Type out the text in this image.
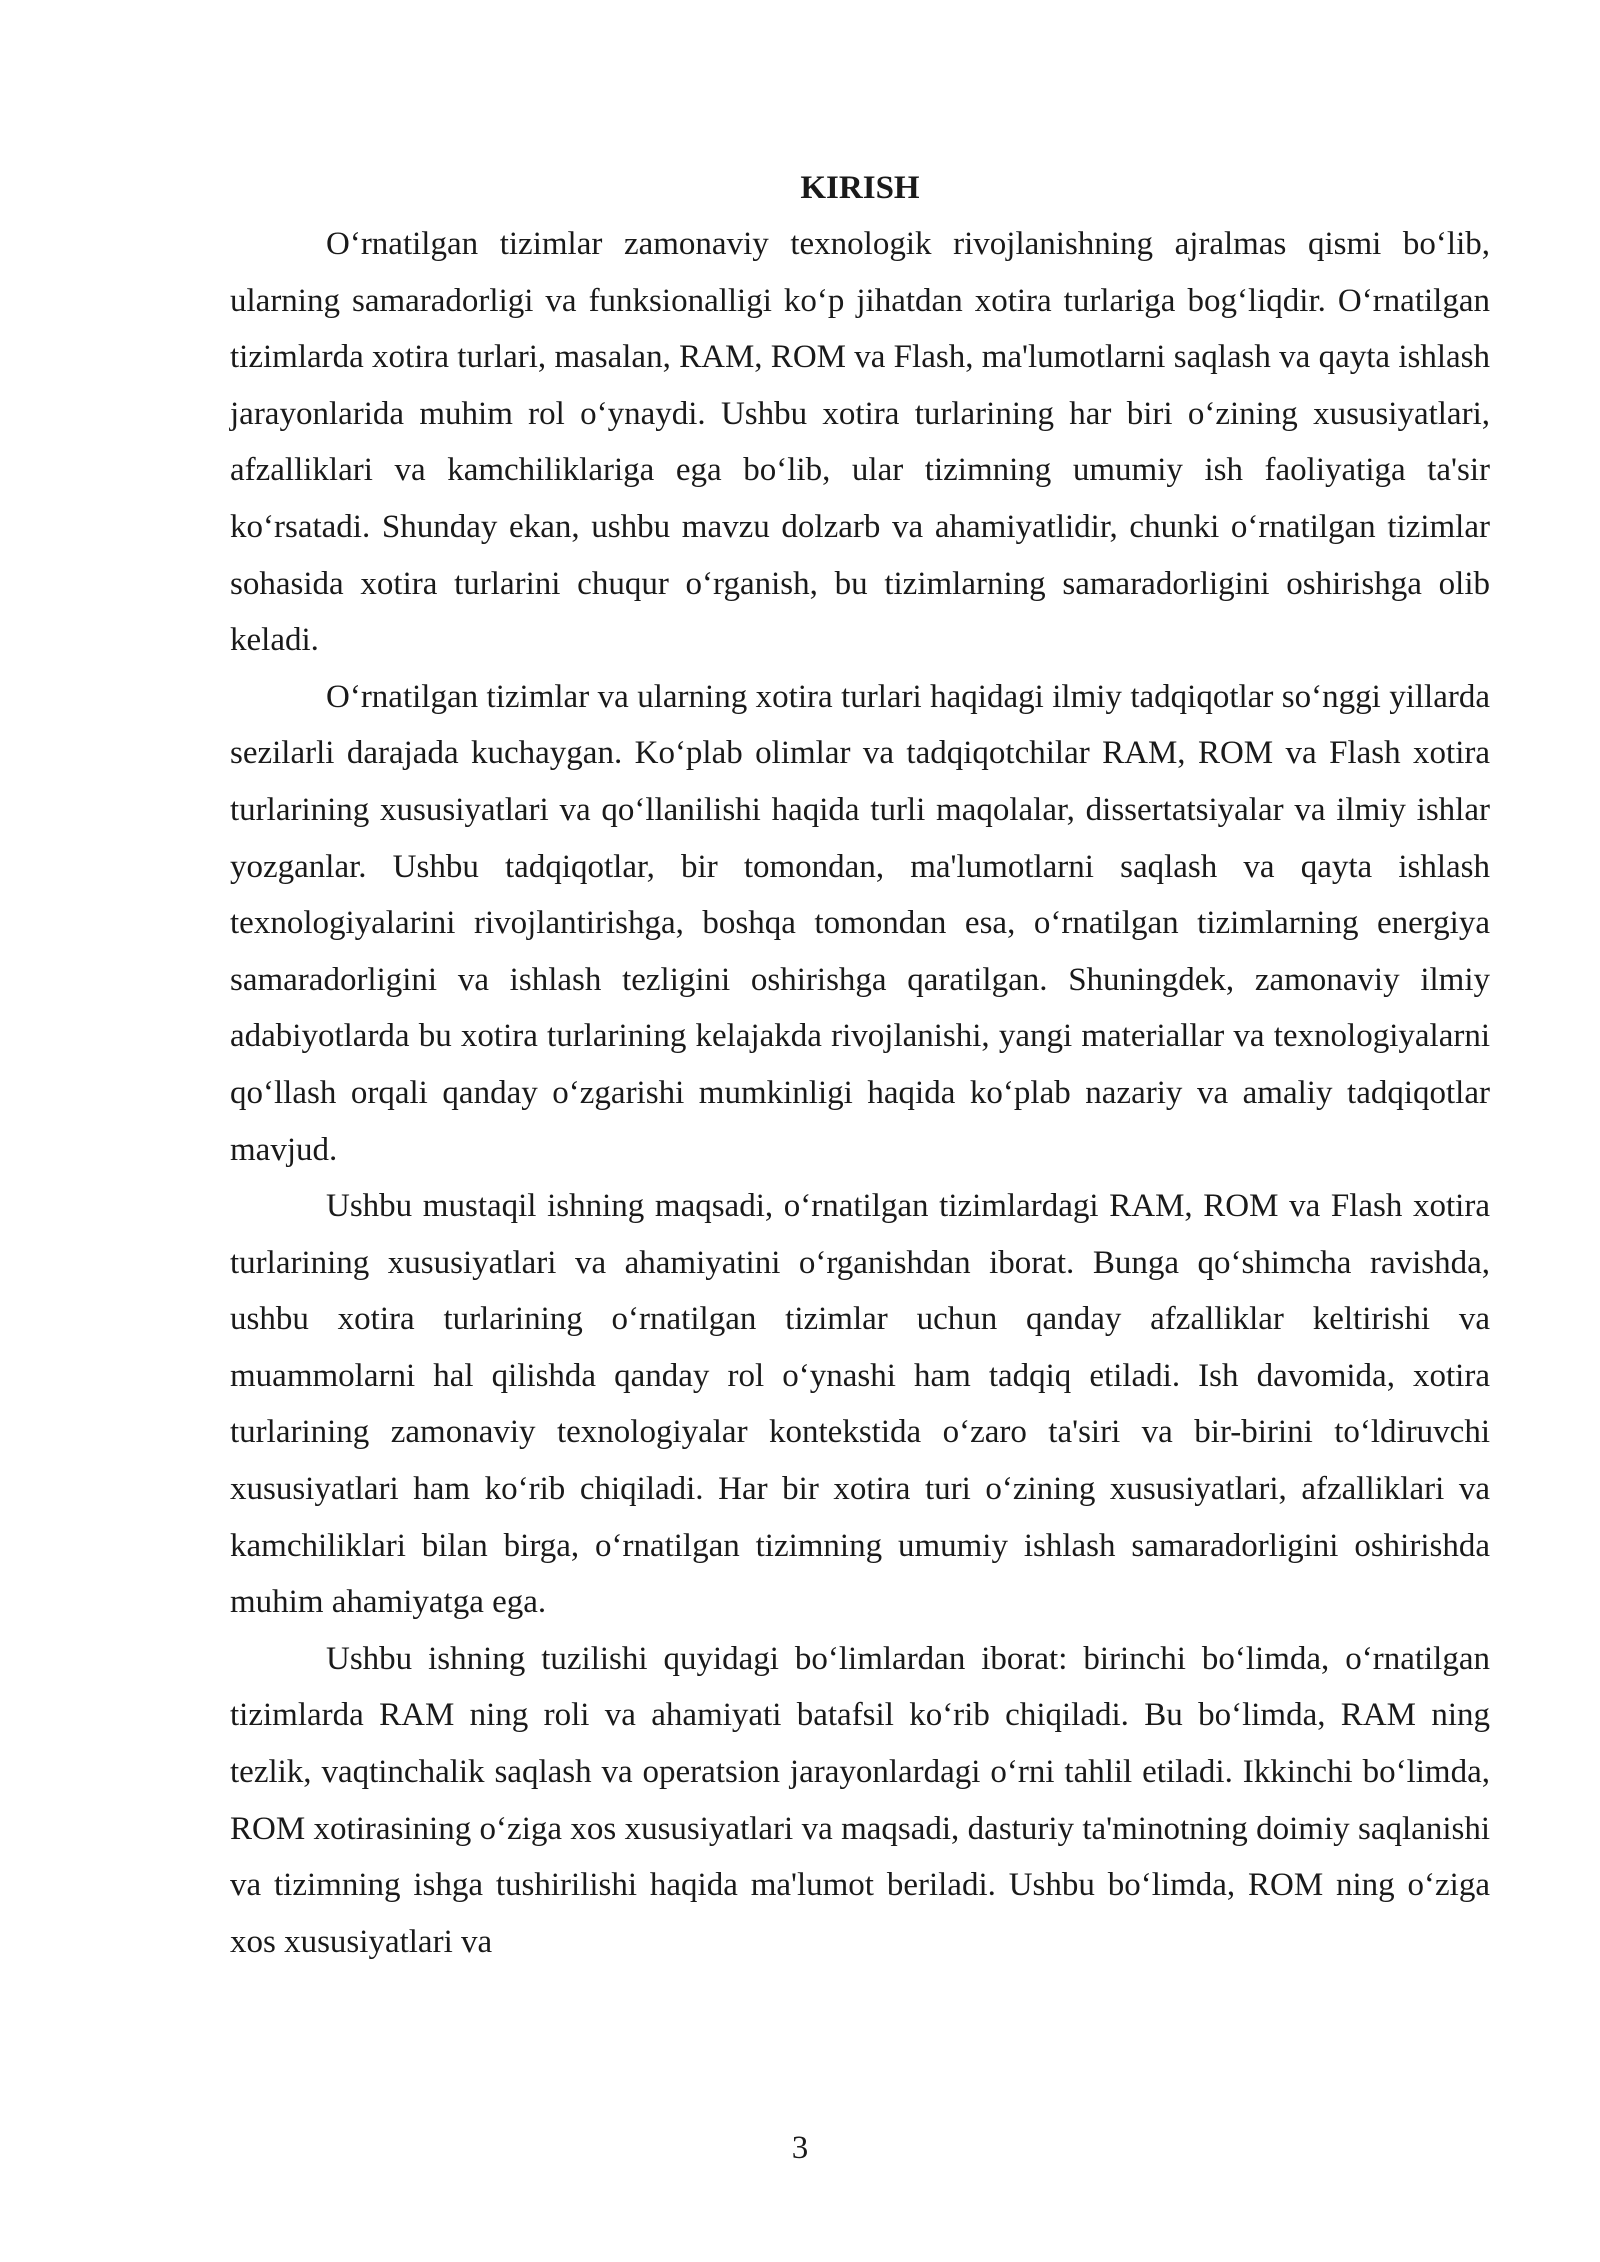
KIRISH

O‘rnatilgan tizimlar zamonaviy texnologik rivojlanishning ajralmas qismi bo‘lib, ularning samaradorligi va funksionalligi ko‘p jihatdan xotira turlariga bog‘liqdir. O‘rnatilgan tizimlarda xotira turlari, masalan, RAM, ROM va Flash, ma'lumotlarni saqlash va qayta ishlash jarayonlarida muhim rol o‘ynaydi. Ushbu xotira turlarining har biri o‘zining xususiyatlari, afzalliklari va kamchiliklariga ega bo‘lib, ular tizimning umumiy ish faoliyatiga ta'sir ko‘rsatadi. Shunday ekan, ushbu mavzu dolzarb va ahamiyatlidir, chunki o‘rnatilgan tizimlar sohasida xotira turlarini chuqur o‘rganish, bu tizimlarning samaradorligini oshirishga olib keladi.

O‘rnatilgan tizimlar va ularning xotira turlari haqidagi ilmiy tadqiqotlar so‘nggi yillarda sezilarli darajada kuchaygan. Ko‘plab olimlar va tadqiqotchilar RAM, ROM va Flash xotira turlarining xususiyatlari va qo‘llanilishi haqida turli maqolalar, dissertatsiyalar va ilmiy ishlar yozganlar. Ushbu tadqiqotlar, bir tomondan, ma'lumotlarni saqlash va qayta ishlash texnologiyalarini rivojlantirishga, boshqa tomondan esa, o‘rnatilgan tizimlarning energiya samaradorligini va ishlash tezligini oshirishga qaratilgan. Shuningdek, zamonaviy ilmiy adabiyotlarda bu xotira turlarining kelajakda rivojlanishi, yangi materiallar va texnologiyalarni qo‘llash orqali qanday o‘zgarishi mumkinligi haqida ko‘plab nazariy va amaliy tadqiqotlar mavjud.

Ushbu mustaqil ishning maqsadi, o‘rnatilgan tizimlardagi RAM, ROM va Flash xotira turlarining xususiyatlari va ahamiyatini o‘rganishdan iborat. Bunga qo‘shimcha ravishda, ushbu xotira turlarining o‘rnatilgan tizimlar uchun qanday afzalliklar keltirishi va muammolarni hal qilishda qanday rol o‘ynashi ham tadqiq etiladi. Ish davomida, xotira turlarining zamonaviy texnologiyalar kontekstida o‘zaro ta'siri va bir-birini to‘ldiruvchi xususiyatlari ham ko‘rib chiqiladi. Har bir xotira turi o‘zining xususiyatlari, afzalliklari va kamchiliklari bilan birga, o‘rnatilgan tizimning umumiy ishlash samaradorligini oshirishda muhim ahamiyatga ega.

Ushbu ishning tuzilishi quyidagi bo‘limlardan iborat: birinchi bo‘limda, o‘rnatilgan tizimlarda RAM ning roli va ahamiyati batafsil ko‘rib chiqiladi. Bu bo‘limda, RAM ning tezlik, vaqtinchalik saqlash va operatsion jarayonlardagi o‘rni tahlil etiladi. Ikkinchi bo‘limda, ROM xotirasining o‘ziga xos xususiyatlari va maqsadi, dasturiy ta'minotning doimiy saqlanishi va tizimning ishga tushirilishi haqida ma'lumot beriladi. Ushbu bo‘limda, ROM ning o‘ziga xos xususiyatlari va

3
